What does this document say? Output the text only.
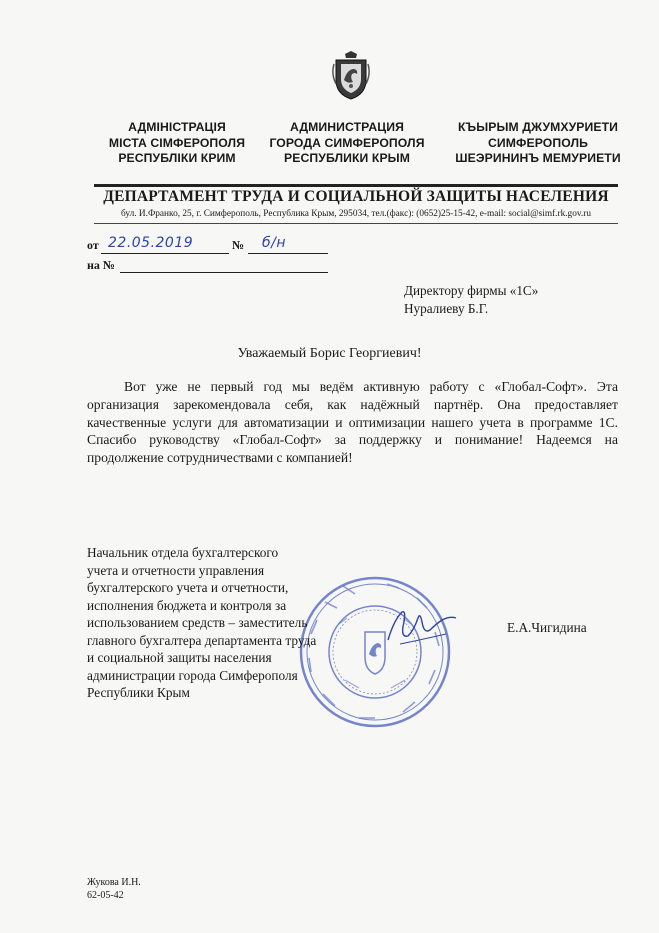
АДМІНІСТРАЦІЯ
МІСТА СІМФЕРОПОЛЯ
РЕСПУБЛІКИ КРИМ
АДМИНИСТРАЦИЯ
ГОРОДА СИМФЕРОПОЛЯ
РЕСПУБЛИКИ КРЫМ
КЪЫРЫМ ДЖУМХУРИЕТИ
СИМФЕРОПОЛЬ
ШЕЭРИНИНЪ МЕМУРИЕТИ
ДЕПАРТАМЕНТ ТРУДА И СОЦИАЛЬНОЙ ЗАЩИТЫ НАСЕЛЕНИЯ
бул. И.Франко, 25, г. Симферополь, Республика Крым, 295034, тел.(факс): (0652)25-15-42, e-mail: social@simf.rk.gov.ru
от 22.05.2019	№ б/н
на №
Директору фирмы «1С»
Нуралиеву Б.Г.
Уважаемый Борис Георгиевич!

Вот уже не первый год мы ведём активную работу с «Глобал-Софт». Эта организация зарекомендовала себя, как надёжный партнёр. Она предоставляет качественные услуги для автоматизации и оптимизации нашего учета в программе 1С. Спасибо руководству «Глобал-Софт» за поддержку и понимание! Надеемся на продолжение сотрудничествами с компанией!

Начальник отдела бухгалтерского
учета и отчетности управления
бухгалтерского учета и отчетности,
исполнения бюджета и контроля за
использованием средств – заместитель
главного бухгалтера департамента труда
и социальной защиты населения
администрации города Симферополя
Республики Крым
Е.А.Чигидина
Жукова И.Н.
62-05-42
